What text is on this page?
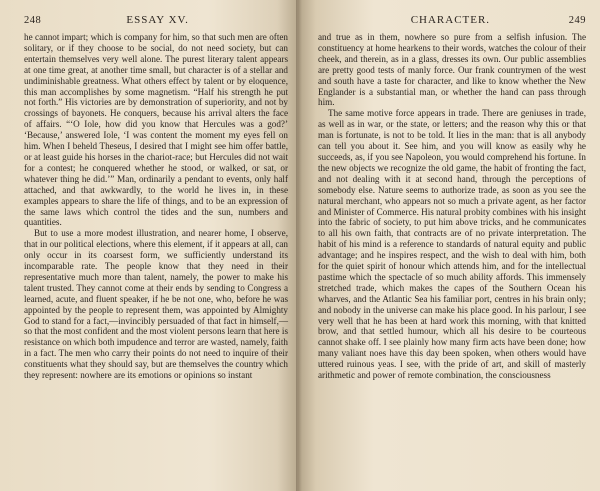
248	ESSAY XV.

he cannot impart; which is company for him, so that such men are often solitary, or if they choose to be social, do not need society, but can entertain themselves very well alone. The purest literary talent appears at one time great, at another time small, but character is of a stellar and undiminishable greatness. What others effect by talent or by eloquence, this man accomplishes by some magnetism. “Half his strength he put not forth.” His victories are by demonstration of superiority, and not by crossings of bayonets. He conquers, because his arrival alters the face of affairs. “‘O Iole, how did you know that Hercules was a god?’ ‘Because,’ answered Iole, ‘I was content the moment my eyes fell on him. When I beheld Theseus, I desired that I might see him offer battle, or at least guide his horses in the chariot-race; but Hercules did not wait for a contest; he conquered whether he stood, or walked, or sat, or whatever thing he did.’” Man, ordinarily a pendant to events, only half attached, and that awkwardly, to the world he lives in, in these examples appears to share the life of things, and to be an expression of the same laws which control the tides and the sun, numbers and quantities.

But to use a more modest illustration, and nearer home, I observe, that in our political elections, where this element, if it appears at all, can only occur in its coarsest form, we sufficiently understand its incomparable rate. The people know that they need in their representative much more than talent, namely, the power to make his talent trusted. They cannot come at their ends by sending to Congress a learned, acute, and fluent speaker, if he be not one, who, before he was appointed by the people to represent them, was appointed by Almighty God to stand for a fact,—invincibly persuaded of that fact in himself,—so that the most confident and the most violent persons learn that here is resistance on which both impudence and terror are wasted, namely, faith in a fact. The men who carry their points do not need to inquire of their constituents what they should say, but are themselves the country which they represent: nowhere are its emotions or opinions so instant

CHARACTER.	249

and true as in them, nowhere so pure from a selfish infusion. The constituency at home hearkens to their words, watches the colour of their cheek, and therein, as in a glass, dresses its own. Our public assemblies are pretty good tests of manly force. Our frank countrymen of the west and south have a taste for character, and like to know whether the New Englander is a substantial man, or whether the hand can pass through him.

The same motive force appears in trade. There are geniuses in trade, as well as in war, or the state, or letters; and the reason why this or that man is fortunate, is not to be told. It lies in the man: that is all anybody can tell you about it. See him, and you will know as easily why he succeeds, as, if you see Napoleon, you would comprehend his fortune. In the new objects we recognize the old game, the habit of fronting the fact, and not dealing with it at second hand, through the perceptions of somebody else. Nature seems to authorize trade, as soon as you see the natural merchant, who appears not so much a private agent, as her factor and Minister of Commerce. His natural probity combines with his insight into the fabric of society, to put him above tricks, and he communicates to all his own faith, that contracts are of no private interpretation. The habit of his mind is a reference to standards of natural equity and public advantage; and he inspires respect, and the wish to deal with him, both for the quiet spirit of honour which attends him, and for the intellectual pastime which the spectacle of so much ability affords. This immensely stretched trade, which makes the capes of the Southern Ocean his wharves, and the Atlantic Sea his familiar port, centres in his brain only; and nobody in the universe can make his place good. In his parlour, I see very well that he has been at hard work this morning, with that knitted brow, and that settled humour, which all his desire to be courteous cannot shake off. I see plainly how many firm acts have been done; how many valiant noes have this day been spoken, when others would have uttered ruinous yeas. I see, with the pride of art, and skill of masterly arithmetic and power of remote combination, the consciousness
